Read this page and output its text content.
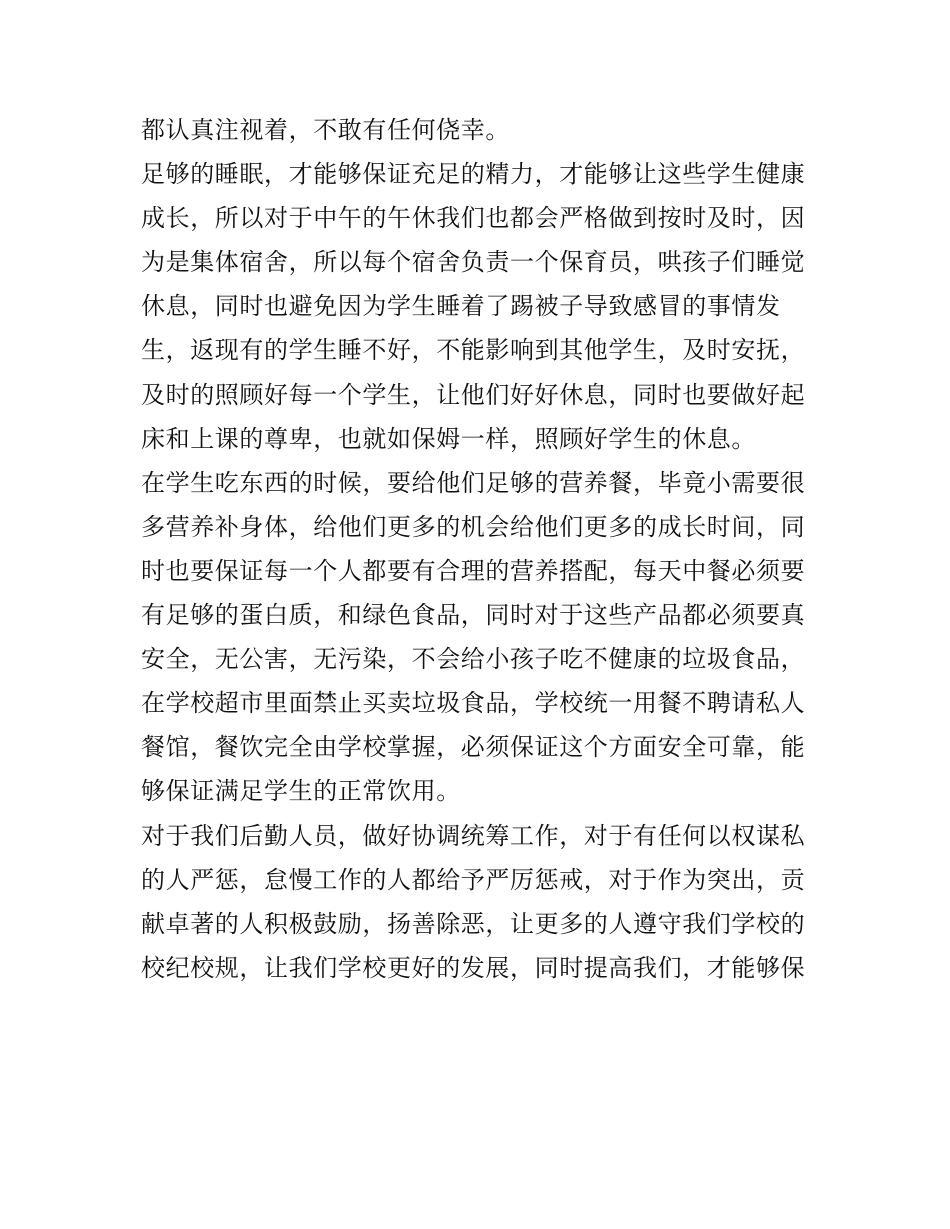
都认真注视着，不敢有任何侥幸。
足够的睡眠，才能够保证充足的精力，才能够让这些学生健康
成长，所以对于中午的午休我们也都会严格做到按时及时，因
为是集体宿舍，所以每个宿舍负责一个保育员，哄孩子们睡觉
休息，同时也避免因为学生睡着了踢被子导致感冒的事情发
生，返现有的学生睡不好，不能影响到其他学生，及时安抚，
及时的照顾好每一个学生，让他们好好休息，同时也要做好起
床和上课的尊卑，也就如保姆一样，照顾好学生的休息。
在学生吃东西的时候，要给他们足够的营养餐，毕竟小需要很
多营养补身体，给他们更多的机会给他们更多的成长时间，同
时也要保证每一个人都要有合理的营养搭配，每天中餐必须要
有足够的蛋白质，和绿色食品，同时对于这些产品都必须要真
安全，无公害，无污染，不会给小孩子吃不健康的垃圾食品，
在学校超市里面禁止买卖垃圾食品，学校统一用餐不聘请私人
餐馆，餐饮完全由学校掌握，必须保证这个方面安全可靠，能
够保证满足学生的正常饮用。
对于我们后勤人员，做好协调统筹工作，对于有任何以权谋私
的人严惩，怠慢工作的人都给予严厉惩戒，对于作为突出，贡
献卓著的人积极鼓励，扬善除恶，让更多的人遵守我们学校的
校纪校规，让我们学校更好的发展，同时提高我们，才能够保
